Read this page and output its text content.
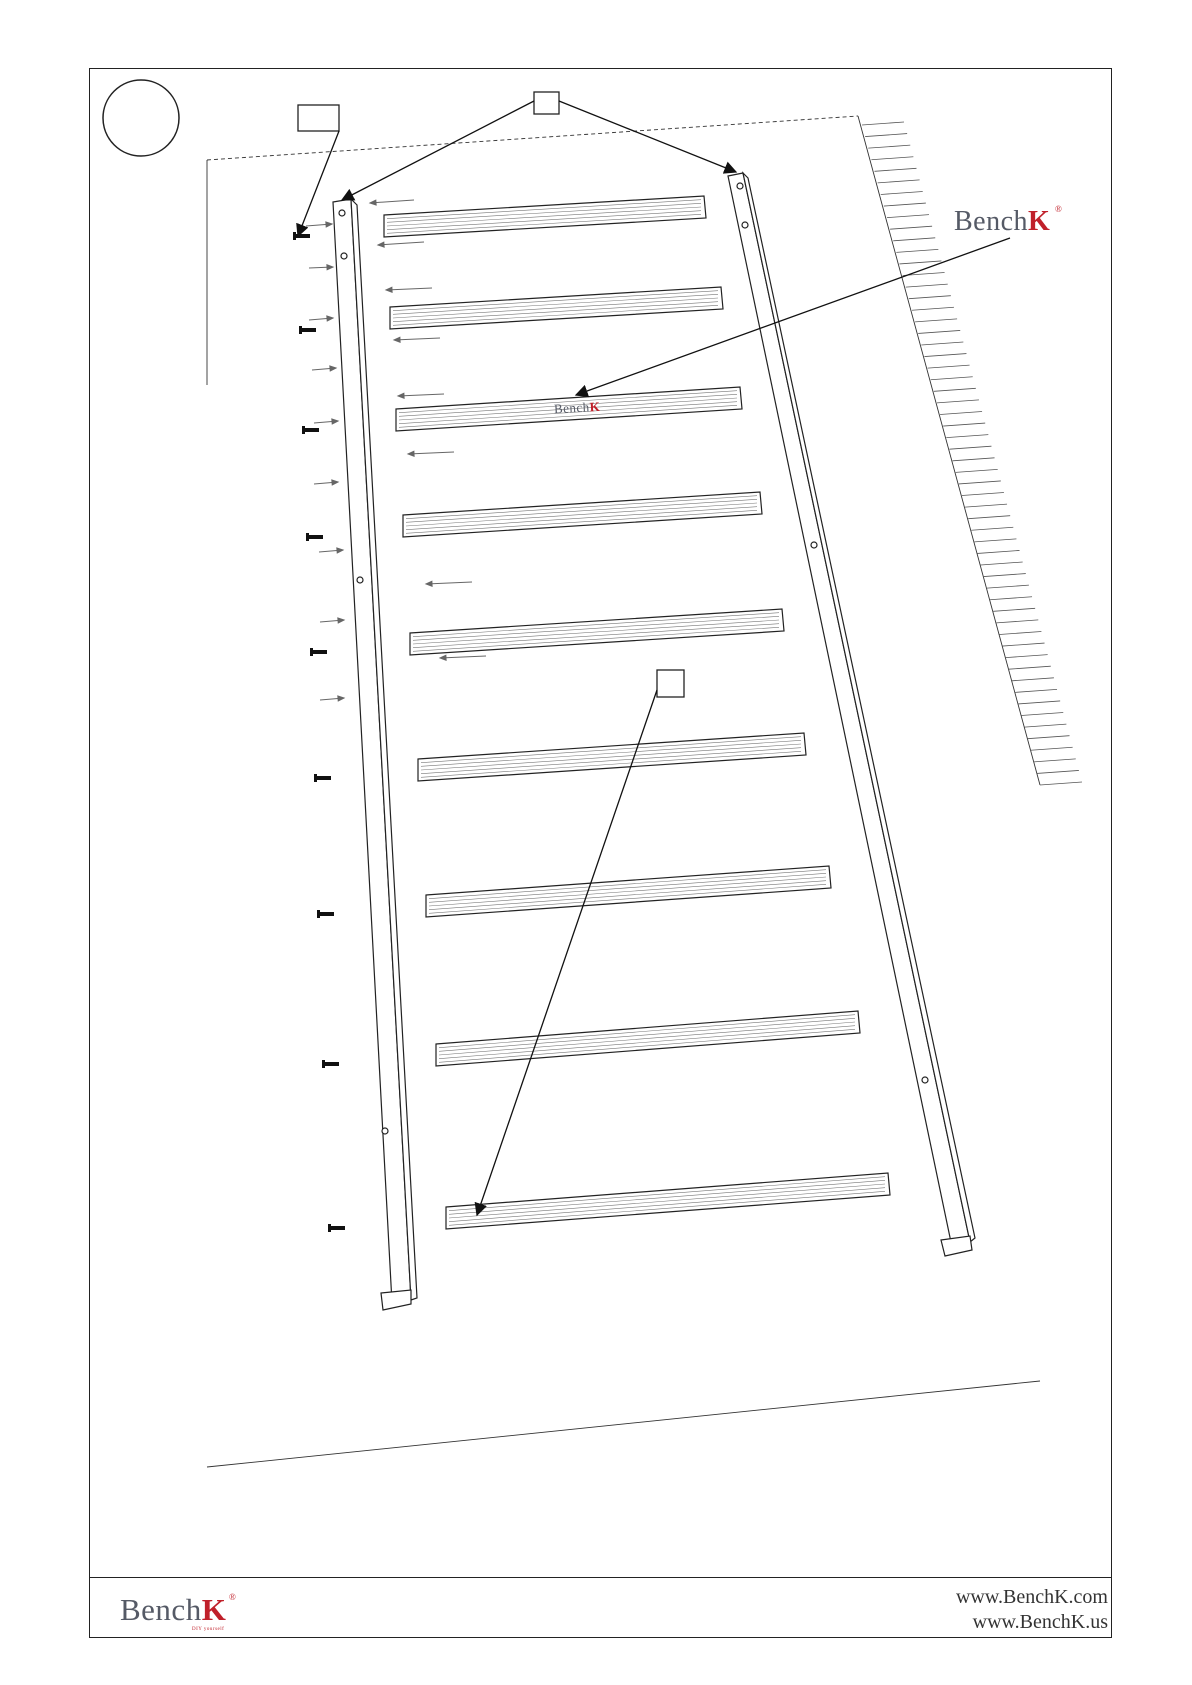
BenchK ®
BenchK
BenchK ®
DIY yourself
www.BenchK.com
www.BenchK.us
